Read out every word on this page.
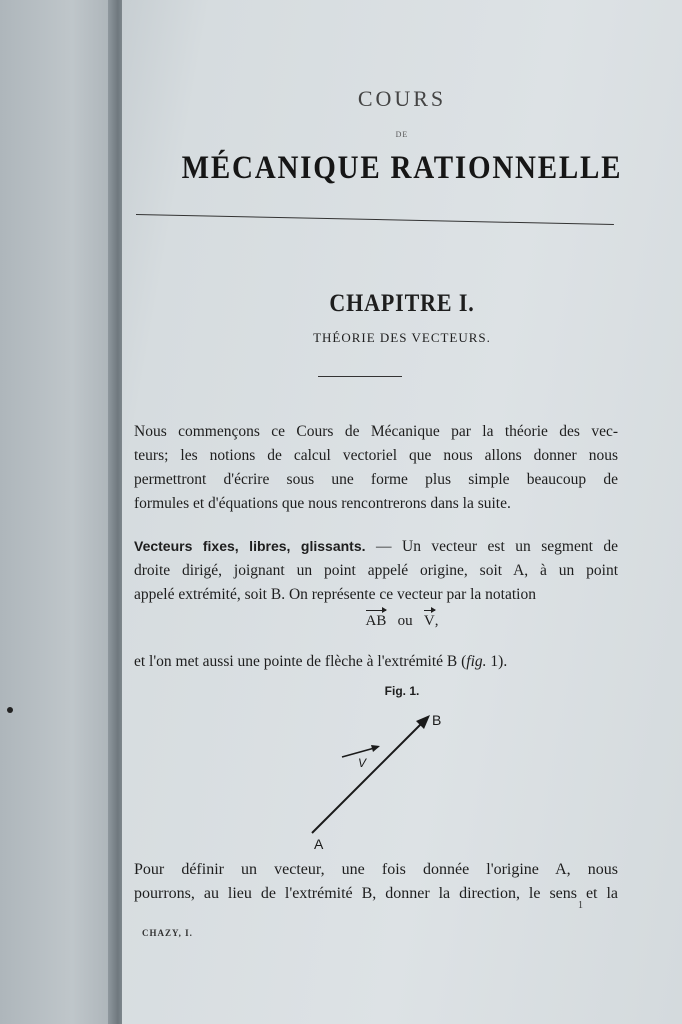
COURS
DE
MÉCANIQUE RATIONNELLE
CHAPITRE I.
THÉORIE DES VECTEURS.

Nous commençons ce Cours de Mécanique par la théorie des vec-
teurs; les notions de calcul vectoriel que nous allons donner nous
permettront d'écrire sous une forme plus simple beaucoup de
formules et d'équations que nous rencontrerons dans la suite.

Vecteurs fixes, libres, glissants. — Un vecteur est un segment de
droite dirigé, joignant un point appelé origine, soit A, à un point
appelé extrémité, soit B. On représente ce vecteur par la notation

AB ou V,

et l'on met aussi une pointe de flèche à l'extrémité B (fig. 1).

Fig. 1.
A
B
V

Pour définir un vecteur, une fois donnée l'origine A, nous
pourrons, au lieu de l'extrémité B, donner la direction, le sens et la

1
CHAZY, I.
